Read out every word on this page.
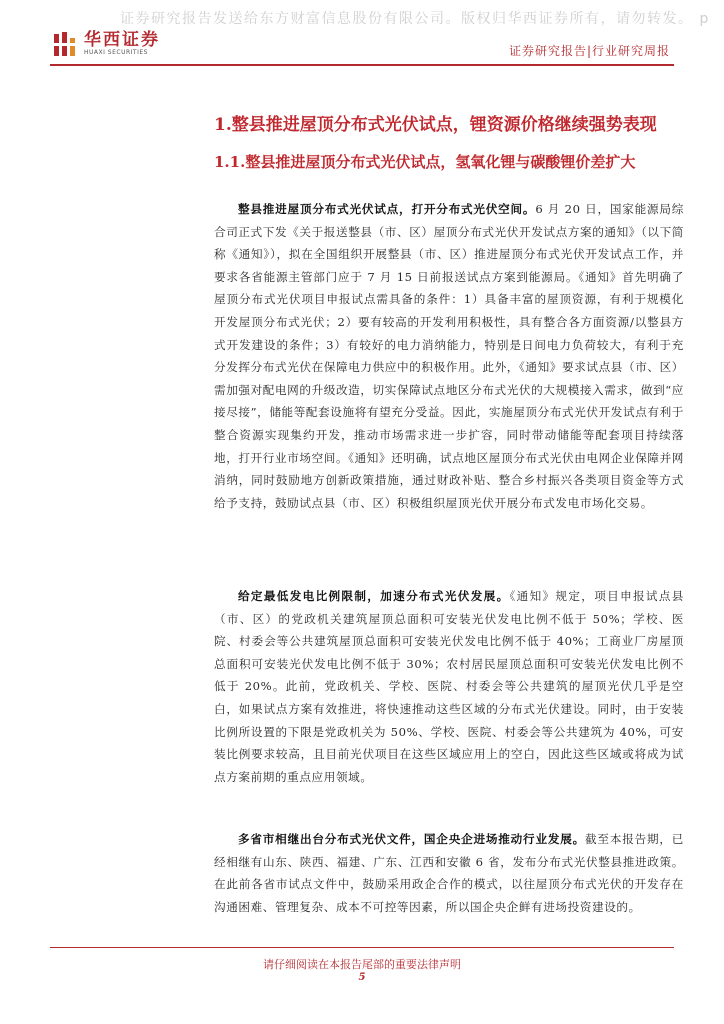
证券研究报告发送给东方财富信息股份有限公司。版权归华西证券所有，请勿转发。 p
华西证券
HUAXI SECURITIES	证券研究报告|行业研究周报
1.整县推进屋顶分布式光伏试点，锂资源价格继续强势表现
1.1.整县推进屋顶分布式光伏试点，氢氧化锂与碳酸锂价差扩大
整县推进屋顶分布式光伏试点，打开分布式光伏空间。6 月 20 日，国家能源局综合司正式下发《关于报送整县（市、区）屋顶分布式光伏开发试点方案的通知》（以下简称《通知》），拟在全国组织开展整县（市、区）推进屋顶分布式光伏开发试点工作，并要求各省能源主管部门应于 7 月 15 日前报送试点方案到能源局。《通知》首先明确了屋顶分布式光伏项目申报试点需具备的条件：1）具备丰富的屋顶资源，有利于规模化开发屋顶分布式光伏；2）要有较高的开发利用积极性，具有整合各方面资源/以整县方式开发建设的条件；3）有较好的电力消纳能力，特别是日间电力负荷较大，有利于充分发挥分布式光伏在保障电力供应中的积极作用。此外，《通知》要求试点县（市、区）需加强对配电网的升级改造，切实保障试点地区分布式光伏的大规模接入需求，做到“应接尽接”，储能等配套设施将有望充分受益。因此，实施屋顶分布式光伏开发试点有利于整合资源实现集约开发，推动市场需求进一步扩容，同时带动储能等配套项目持续落地，打开行业市场空间。《通知》还明确，试点地区屋顶分布式光伏由电网企业保障并网消纳，同时鼓励地方创新政策措施，通过财政补贴、整合乡村振兴各类项目资金等方式给予支持，鼓励试点县（市、区）积极组织屋顶光伏开展分布式发电市场化交易。
给定最低发电比例限制，加速分布式光伏发展。《通知》规定，项目申报试点县（市、区）的党政机关建筑屋顶总面积可安装光伏发电比例不低于 50%；学校、医院、村委会等公共建筑屋顶总面积可安装光伏发电比例不低于 40%；工商业厂房屋顶总面积可安装光伏发电比例不低于 30%；农村居民屋顶总面积可安装光伏发电比例不低于 20%。此前，党政机关、学校、医院、村委会等公共建筑的屋顶光伏几乎是空白，如果试点方案有效推进，将快速推动这些区域的分布式光伏建设。同时，由于安装比例所设置的下限是党政机关为 50%、学校、医院、村委会等公共建筑为 40%，可安装比例要求较高，且目前光伏项目在这些区域应用上的空白，因此这些区域或将成为试点方案前期的重点应用领域。
多省市相继出台分布式光伏文件，国企央企进场推动行业发展。截至本报告期，已经相继有山东、陕西、福建、广东、江西和安徽 6 省，发布分布式光伏整县推进政策。在此前各省市试点文件中，鼓励采用政企合作的模式，以往屋顶分布式光伏的开发存在沟通困难、管理复杂、成本不可控等因素，所以国企央企鲜有进场投资建设的。
请仔细阅读在本报告尾部的重要法律声明
5
